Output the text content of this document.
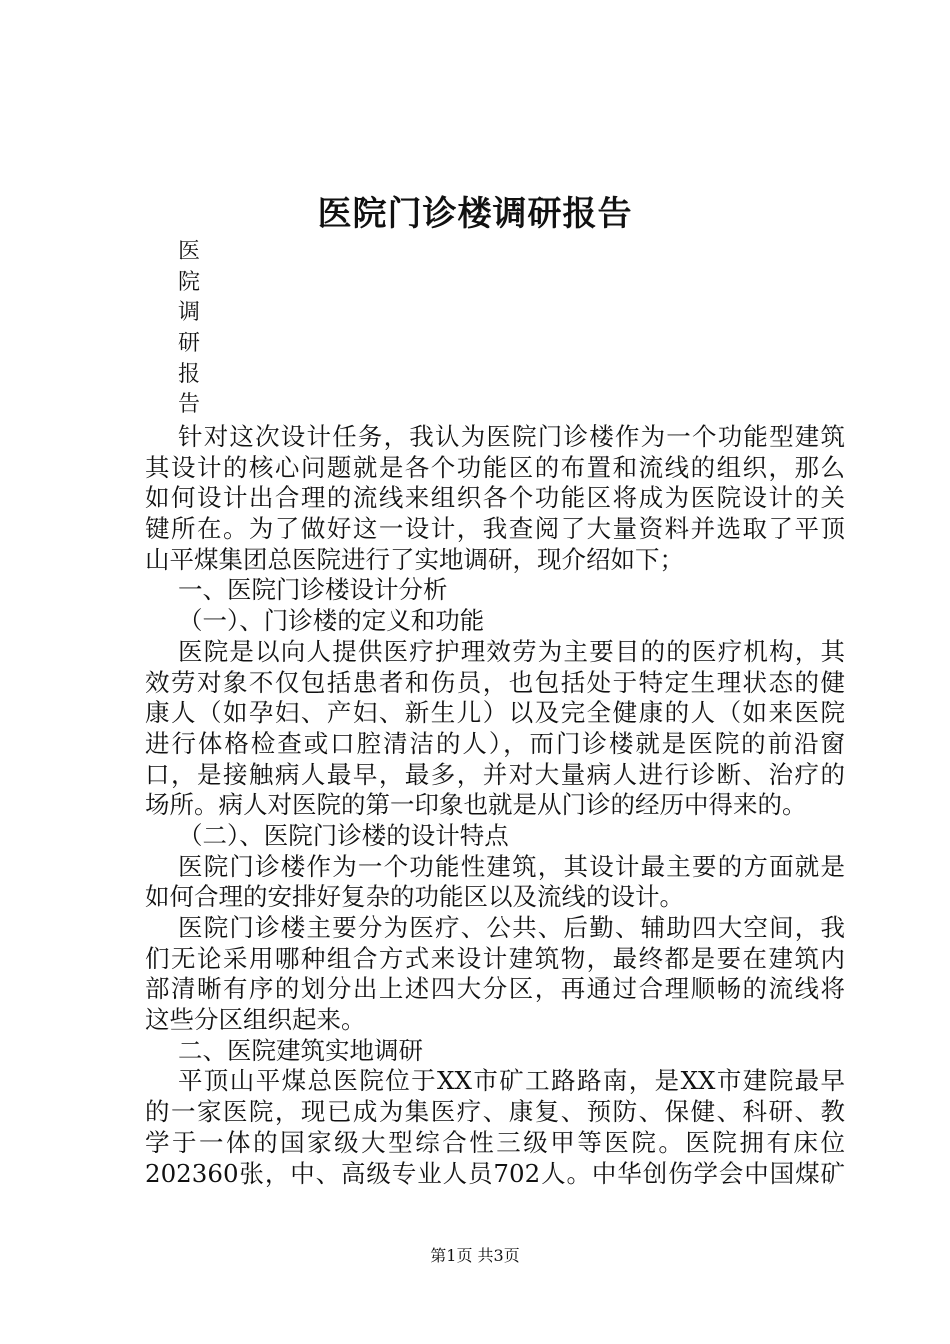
医院门诊楼调研报告
医
院
调
研
报
告
针对这次设计任务，我认为医院门诊楼作为一个功能型建筑
其设计的核心问题就是各个功能区的布置和流线的组织，那么
如何设计出合理的流线来组织各个功能区将成为医院设计的关
键所在。为了做好这一设计，我查阅了大量资料并选取了平顶
山平煤集团总医院进行了实地调研，现介绍如下；
一、医院门诊楼设计分析
（一）、门诊楼的定义和功能
医院是以向人提供医疗护理效劳为主要目的的医疗机构，其
效劳对象不仅包括患者和伤员，也包括处于特定生理状态的健
康人（如孕妇、产妇、新生儿）以及完全健康的人（如来医院
进行体格检查或口腔清洁的人），而门诊楼就是医院的前沿窗
口，是接触病人最早，最多，并对大量病人进行诊断、治疗的
场所。病人对医院的第一印象也就是从门诊的经历中得来的。
（二）、医院门诊楼的设计特点
医院门诊楼作为一个功能性建筑，其设计最主要的方面就是
如何合理的安排好复杂的功能区以及流线的设计。
医院门诊楼主要分为医疗、公共、后勤、辅助四大空间，我
们无论采用哪种组合方式来设计建筑物，最终都是要在建筑内
部清晰有序的划分出上述四大分区，再通过合理顺畅的流线将
这些分区组织起来。
二、医院建筑实地调研
平顶山平煤总医院位于XX市矿工路路南，是XX市建院最早
的一家医院，现已成为集医疗、康复、预防、保健、科研、教
学于一体的国家级大型综合性三级甲等医院。医院拥有床位
202360张，中、高级专业人员702人。中华创伤学会中国煤矿
第1页 共3页
